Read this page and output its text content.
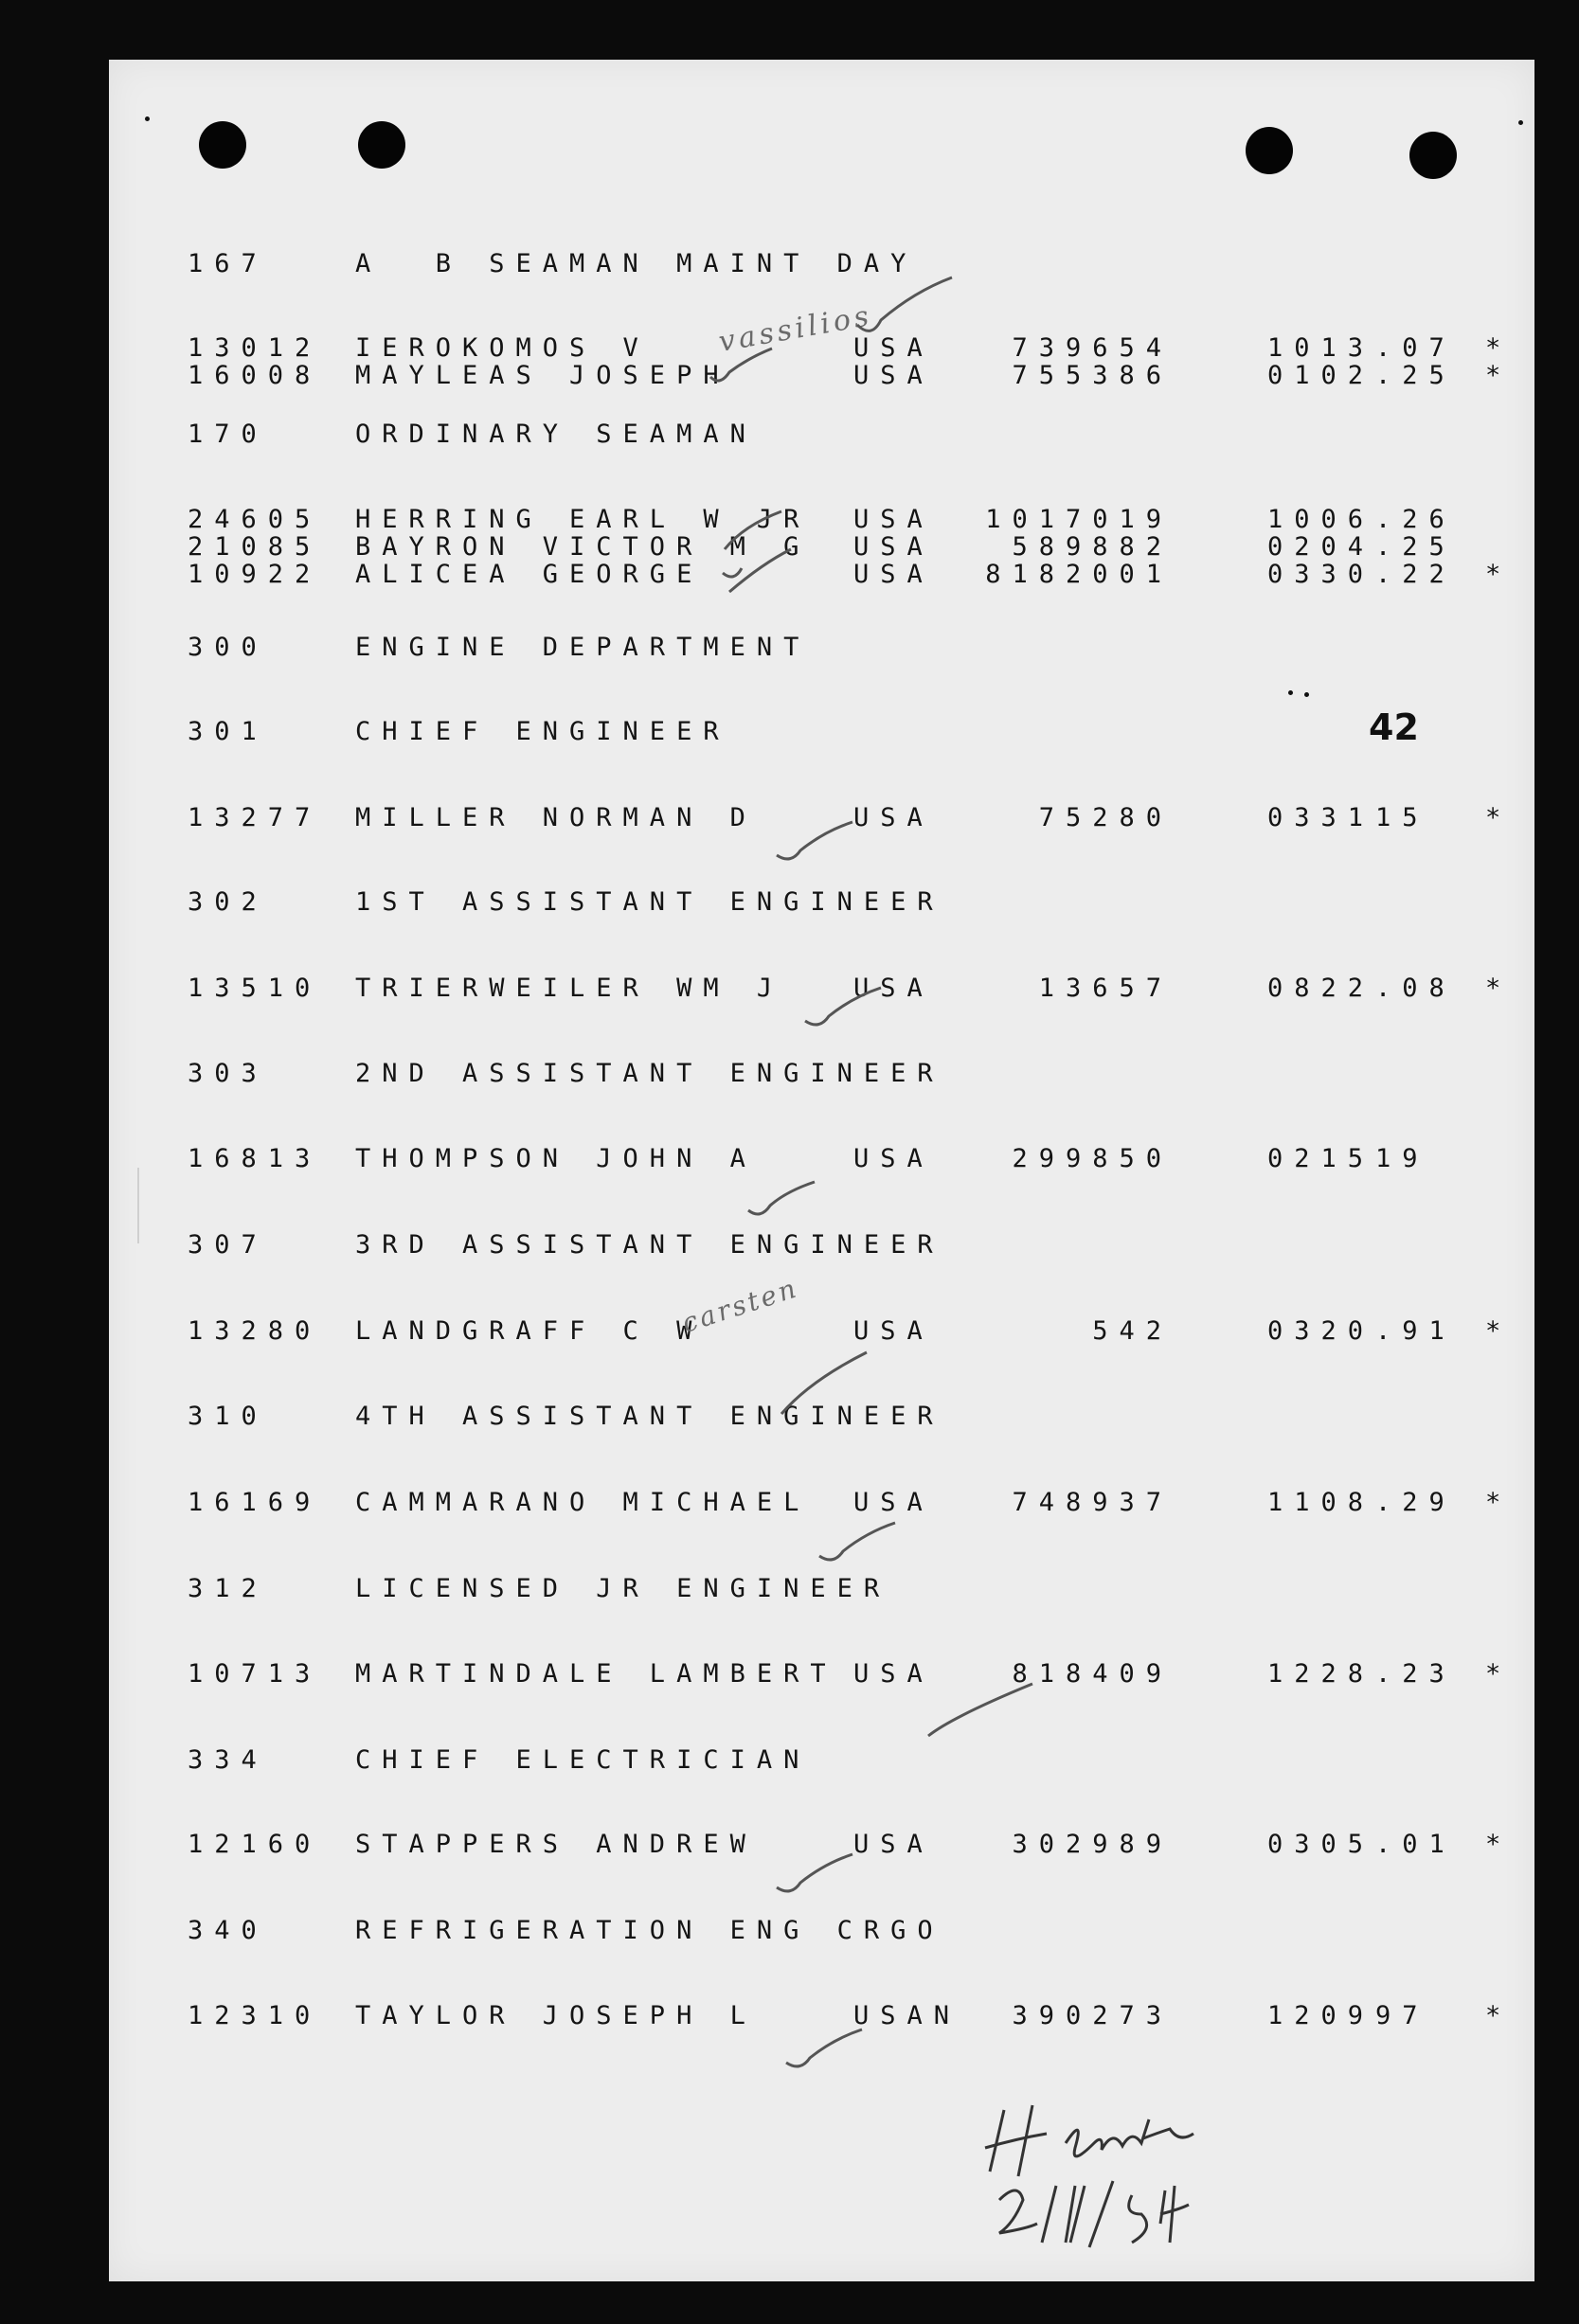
42
167	A  B SEAMAN MAINT DAY
13012 IEROKOMOS V	USA	739654	1013 .07 *
vassilios
16008 MAYLEAS JOSEPH	USA	755386	0102 .25 *
170	ORDINARY SEAMAN
24605 HERRING EARL W JR USA	1017019	1006 .26
21085 BAYRON VICTOR M G USA	589882	0204 .25
10922 ALICEA GEORGE	USA	8182001	0330 .22 *
300	ENGINE DEPARTMENT
301	CHIEF ENGINEER
13277 MILLER NORMAN D	USA	75280	0331 15 *
302	1ST ASSISTANT ENGINEER
13510 TRIERWEILER WM J	USA	13657	0822 .08 *
303	2ND ASSISTANT ENGINEER
16813 THOMPSON JOHN A	USA	299850	0215 19
307	3RD ASSISTANT ENGINEER
13280 LANDGRAFF C W	USA	542	0320 .91 *
carsten
310	4TH ASSISTANT ENGINEER
16169 CAMMARANO MICHAEL USA	748937	1108 .29 *
312	LICENSED JR ENGINEER
10713 MARTINDALE LAMBERT USA	818409	1228 .23 *
334	CHIEF ELECTRICIAN
12160 STAPPERS ANDREW	USA	302989	0305 .01 *
340	REFRIGERATION ENG CRGO
12310 TAYLOR JOSEPH L	USAN	390273	1209 97 *
